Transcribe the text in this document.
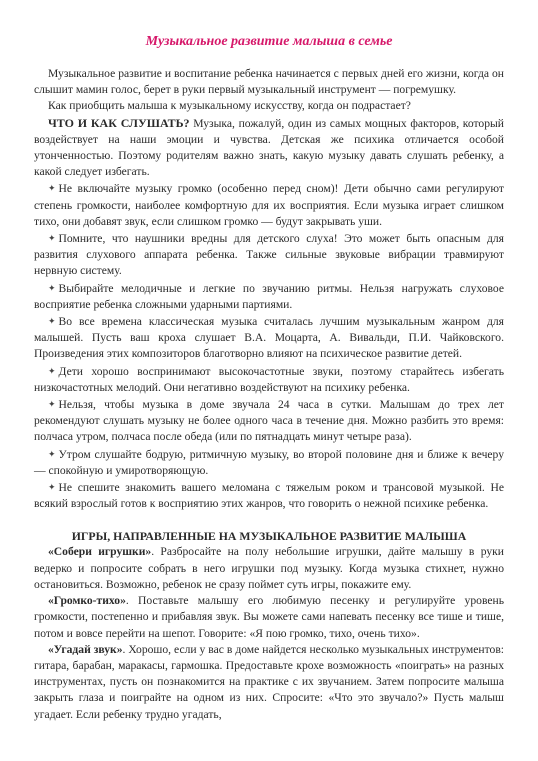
Музыкальное развитие малыша в семье

Музыкальное развитие и воспитание ребенка начинается с первых дней его жизни, когда он слышит мамин голос, берет в руки первый музыкальный инструмент — погремушку.

Как приобщить малыша к музыкальному искусству, когда он подрастает?

ЧТО И КАК СЛУШАТЬ? Музыка, пожалуй, один из самых мощных факторов, который воздействует на наши эмоции и чувства. Детская же психика отличается особой утонченностью. Поэтому родителям важно знать, какую музыку давать слушать ребенку, а какой следует избегать.

✦ Не включайте музыку громко (особенно перед сном)! Дети обычно сами регулируют степень громкости, наиболее комфортную для их восприятия. Если музыка играет слишком тихо, они добавят звук, если слишком громко — будут закрывать уши.

✦ Помните, что наушники вредны для детского слуха! Это может быть опасным для развития слухового аппарата ребенка. Также сильные звуковые вибрации травмируют нервную систему.

✦ Выбирайте мелодичные и легкие по звучанию ритмы. Нельзя нагружать слуховое восприятие ребенка сложными ударными партиями.

✦ Во все времена классическая музыка считалась лучшим музыкальным жанром для малышей. Пусть ваш кроха слушает В.А. Моцарта, А. Вивальди, П.И. Чайковского. Произведения этих композиторов благотворно влияют на психическое развитие детей.

✦ Дети хорошо воспринимают высокочастотные звуки, поэтому старайтесь избегать низкочастотных мелодий. Они негативно воздействуют на психику ребенка.

✦ Нельзя, чтобы музыка в доме звучала 24 часа в сутки. Малышам до трех лет рекомендуют слушать музыку не более одного часа в течение дня. Можно разбить это время: полчаса утром, полчаса после обеда (или по пятнадцать минут четыре раза).

✦ Утром слушайте бодрую, ритмичную музыку, во второй половине дня и ближе к вечеру — спокойную и умиротворяющую.

✦ Не спешите знакомить вашего меломана с тяжелым роком и трансовой музыкой. Не всякий взрослый готов к восприятию этих жанров, что говорить о нежной психике ребенка.

ИГРЫ, НАПРАВЛЕННЫЕ НА МУЗЫКАЛЬНОЕ РАЗВИТИЕ МАЛЫША

«Собери игрушки». Разбросайте на полу небольшие игрушки, дайте малышу в руки ведерко и попросите собрать в него игрушки под музыку. Когда музыка стихнет, нужно остановиться. Возможно, ребенок не сразу поймет суть игры, покажите ему.

«Громко-тихо». Поставьте малышу его любимую песенку и регулируйте уровень громкости, постепенно и прибавляя звук. Вы можете сами напевать песенку все тише и тише, потом и вовсе перейти на шепот. Говорите: «Я пою громко, тихо, очень тихо».

«Угадай звук». Хорошо, если у вас в доме найдется несколько музыкальных инструментов: гитара, барабан, маракасы, гармошка. Предоставьте крохе возможность «поиграть» на разных инструментах, пусть он познакомится на практике с их звучанием. Затем попросите малыша закрыть глаза и поиграйте на одном из них. Спросите: «Что это звучало?» Пусть малыш угадает. Если ребенку трудно угадать,
